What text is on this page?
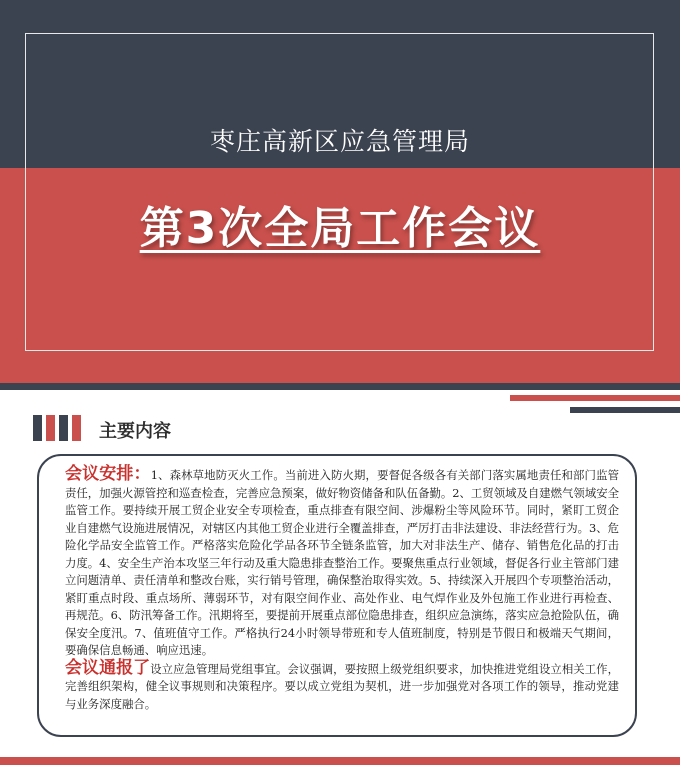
枣庄高新区应急管理局
第3次全局工作会议
主要内容

会议安排：1、森林草地防灭火工作。当前进入防火期，要督促各级各有关部门落实属地责任和部门监管责任，加强火源管控和巡查检查，完善应急预案，做好物资储备和队伍备勤。2、工贸领域及自建燃气领域安全监管工作。要持续开展工贸企业安全专项检查，重点排查有限空间、涉爆粉尘等风险环节。同时，紧盯工贸企业自建燃气设施进展情况，对辖区内其他工贸企业进行全覆盖排查，严厉打击非法建设、非法经营行为。3、危险化学品安全监管工作。严格落实危险化学品各环节全链条监管，加大对非法生产、储存、销售危化品的打击力度。4、安全生产治本攻坚三年行动及重大隐患排查整治工作。要聚焦重点行业领域，督促各行业主管部门建立问题清单、责任清单和整改台账，实行销号管理，确保整治取得实效。5、持续深入开展四个专项整治活动，紧盯重点时段、重点场所、薄弱环节，对有限空间作业、高处作业、电气焊作业及外包施工作业进行再检查、再规范。6、防汛筹备工作。汛期将至，要提前开展重点部位隐患排查，组织应急演练，落实应急抢险队伍，确保安全度汛。7、值班值守工作。严格执行24小时领导带班和专人值班制度，特别是节假日和极端天气期间，要确保信息畅通、响应迅速。

会议通报了设立应急管理局党组事宜。会议强调，要按照上级党组织要求，加快推进党组设立相关工作，完善组织架构，健全议事规则和决策程序。要以成立党组为契机，进一步加强党对各项工作的领导，推动党建与业务深度融合。
